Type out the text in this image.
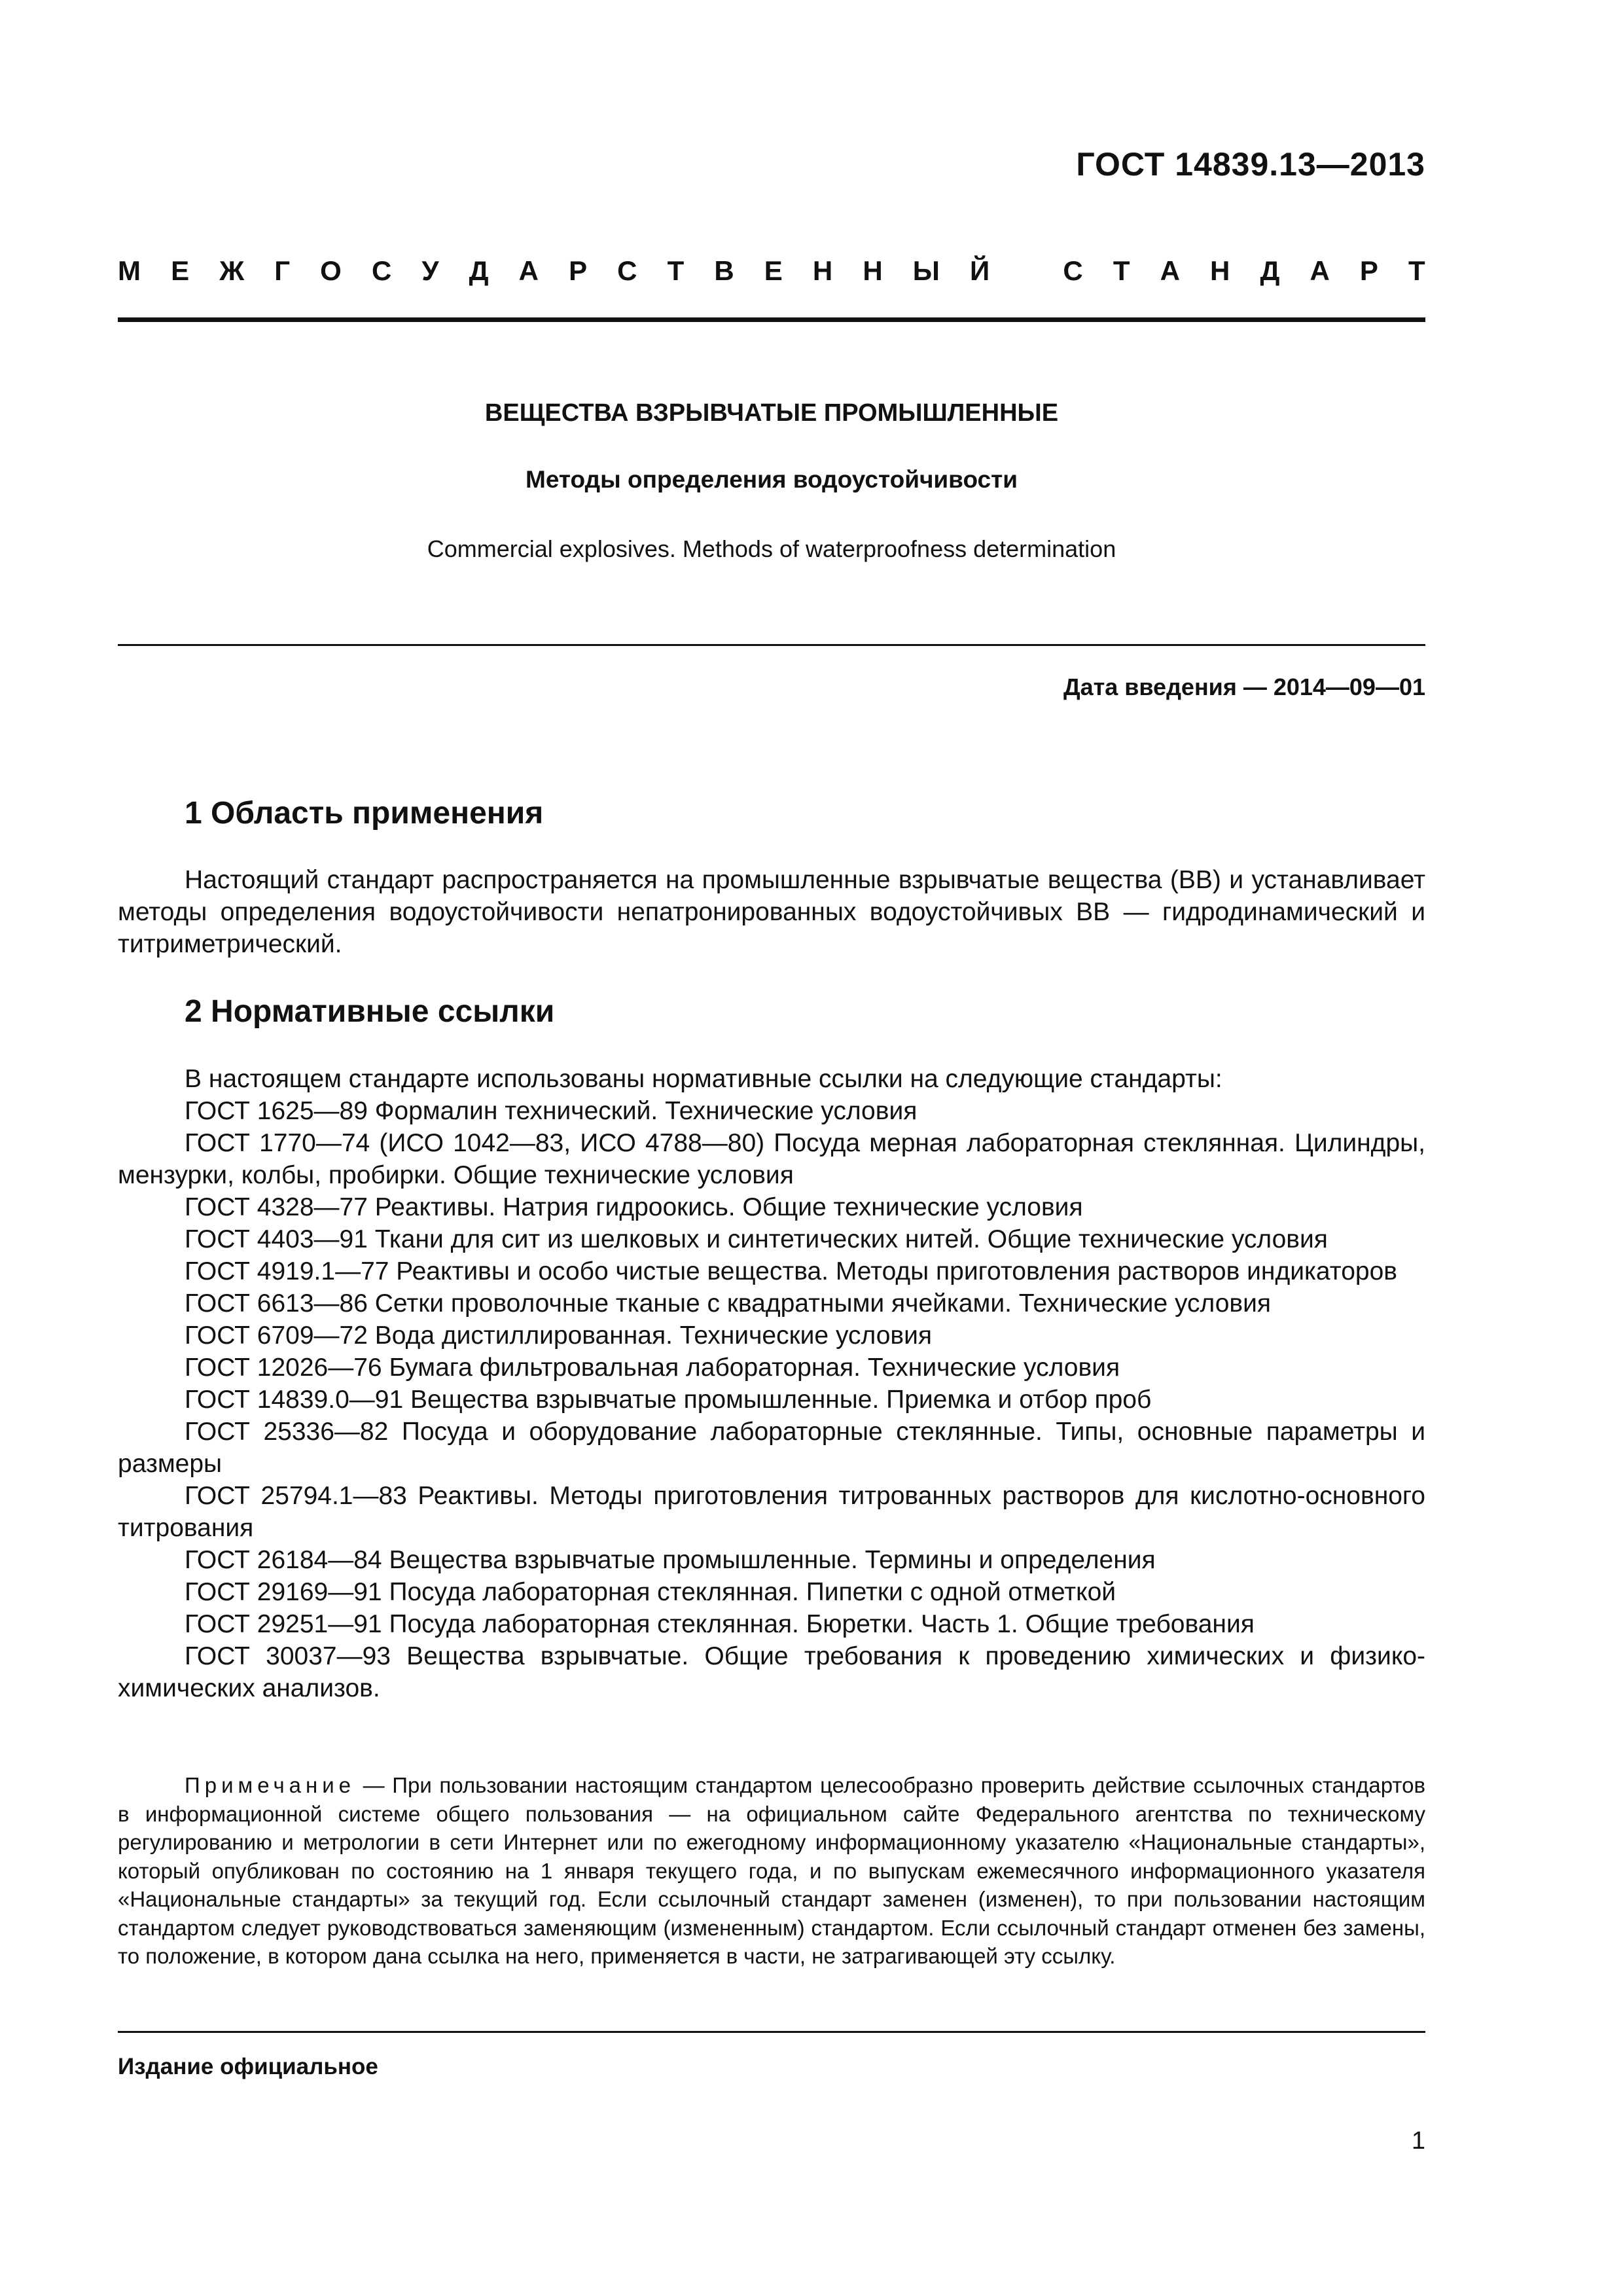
ГОСТ 14839.13—2013
М Е Ж Г О С У Д А Р С Т В Е Н Н Ы Й	С Т А Н Д А Р Т
ВЕЩЕСТВА ВЗРЫВЧАТЫЕ ПРОМЫШЛЕННЫЕ
Методы определения водоустойчивости
Commercial explosives. Methods of waterproofness determination
Дата введения — 2014—09—01
1 Область применения

Настоящий стандарт распространяется на промышленные взрывчатые вещества (ВВ) и устанавливает методы определения водоустойчивости непатронированных водоустойчивых ВВ — гидродинамический и титриметрический.

2 Нормативные ссылки

В настоящем стандарте использованы нормативные ссылки на следующие стандарты:

ГОСТ 1625—89 Формалин технический. Технические условия

ГОСТ 1770—74 (ИСО 1042—83, ИСО 4788—80) Посуда мерная лабораторная стеклянная. Цилиндры, мензурки, колбы, пробирки. Общие технические условия

ГОСТ 4328—77 Реактивы. Натрия гидроокись. Общие технические условия

ГОСТ 4403—91 Ткани для сит из шелковых и синтетических нитей. Общие технические условия

ГОСТ 4919.1—77 Реактивы и особо чистые вещества. Методы приготовления растворов индикаторов

ГОСТ 6613—86 Сетки проволочные тканые с квадратными ячейками. Технические условия

ГОСТ 6709—72 Вода дистиллированная. Технические условия

ГОСТ 12026—76 Бумага фильтровальная лабораторная. Технические условия

ГОСТ 14839.0—91 Вещества взрывчатые промышленные. Приемка и отбор проб

ГОСТ 25336—82 Посуда и оборудование лабораторные стеклянные. Типы, основные параметры и размеры

ГОСТ 25794.1—83 Реактивы. Методы приготовления титрованных растворов для кислотно-основного титрования

ГОСТ 26184—84 Вещества взрывчатые промышленные. Термины и определения

ГОСТ 29169—91 Посуда лабораторная стеклянная. Пипетки с одной отметкой

ГОСТ 29251—91 Посуда лабораторная стеклянная. Бюретки. Часть 1. Общие требования

ГОСТ 30037—93 Вещества взрывчатые. Общие требования к проведению химических и физико-химических анализов.

Примечание — При пользовании настоящим стандартом целесообразно проверить действие ссылочных стандартов в информационной системе общего пользования — на официальном сайте Федерального агентства по техническому регулированию и метрологии в сети Интернет или по ежегодному информационному указателю «Национальные стандарты», который опубликован по состоянию на 1 января текущего года, и по выпускам ежемесячного информационного указателя «Национальные стандарты» за текущий год. Если ссылочный стандарт заменен (изменен), то при пользовании настоящим стандартом следует руководствоваться заменяющим (измененным) стандартом. Если ссылочный стандарт отменен без замены, то положение, в котором дана ссылка на него, применяется в части, не затрагивающей эту ссылку.
Издание официальное
1
